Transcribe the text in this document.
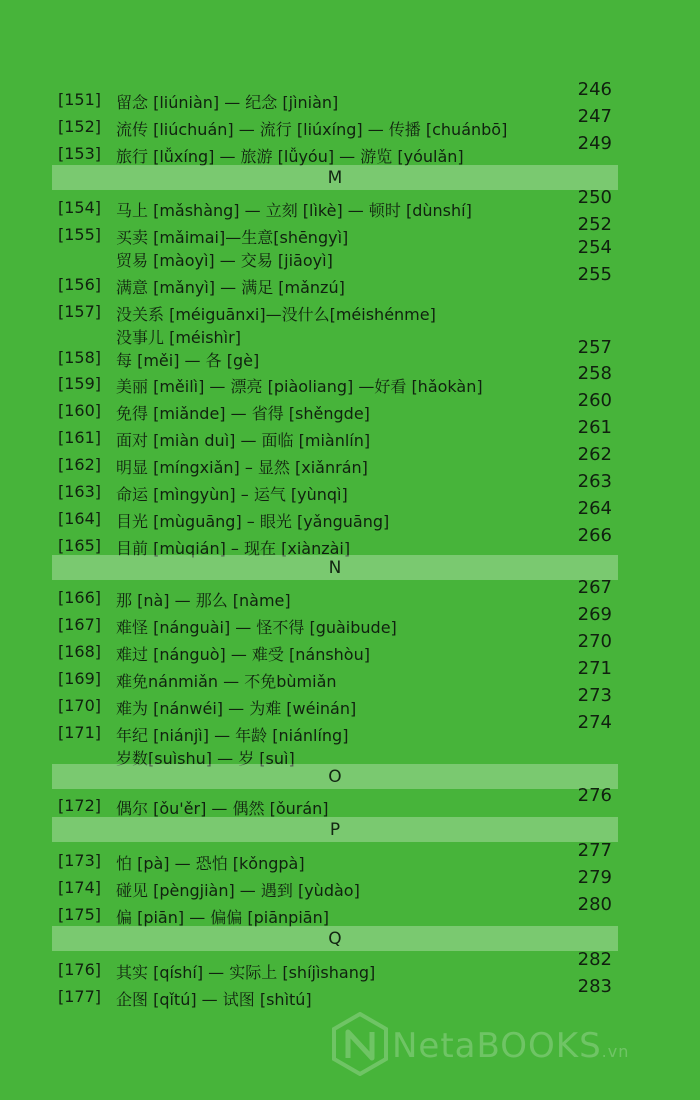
[151] 留念 [liúniàn] — 纪念 [jìniàn]
246
[152] 流传 [liúchuán] — 流行 [liúxíng] — 传播 [chuánbō]
247
[153] 旅行 [lǚxíng] — 旅游 [lǚyóu] — 游览 [yóulǎn]
249
M
[154] 马上 [mǎshàng] — 立刻 [lìkè] — 顿时 [dùnshí]
250
[155] 买卖 [mǎimai]—生意[shēngyì]
252
贸易 [màoyì] — 交易 [jiāoyì]
254
[156] 满意 [mǎnyì] — 满足 [mǎnzú]
255
[157] 没关系 [méiguānxi]—没什么[méishénme]
没事儿 [méishìr]
[158] 每 [měi] — 各 [gè]
257
[159] 美丽 [měilì] — 漂亮 [piàoliang] —好看 [hǎokàn]
258
[160] 免得 [miǎnde] — 省得 [shěngde]
260
[161] 面对 [miàn duì] — 面临 [miànlín]
261
[162] 明显 [míngxiǎn] – 显然 [xiǎnrán]
262
[163] 命运 [mìngyùn] – 运气 [yùnqì]
263
[164] 目光 [mùguāng] – 眼光 [yǎnguāng]
264
[165] 目前 [mùqián] – 现在 [xiànzài]
266
N
[166] 那 [nà] — 那么 [nàme]
267
[167] 难怪 [nánguài] — 怪不得 [guàibude]
269
[168] 难过 [nánguò] — 难受 [nánshòu]
270
[169] 难免nánmiǎn — 不免bùmiǎn
271
[170] 难为 [nánwéi] — 为难 [wéinán]
273
[171] 年纪 [niánjì] — 年龄 [niánlíng]
274
岁数[suìshu] — 岁 [suì]
O
[172] 偶尔 [ǒu'ěr] — 偶然 [ǒurán]
276
P
[173] 怕 [pà] — 恐怕 [kǒngpà]
277
[174] 碰见 [pèngjiàn] — 遇到 [yùdào]
279
[175] 偏 [piān] — 偏偏 [piānpiān]
280
Q
[176] 其实 [qíshí] — 实际上 [shíjìshang]
282
[177] 企图 [qǐtú] — 试图 [shìtú]
283
NetaBOOKS.vn
